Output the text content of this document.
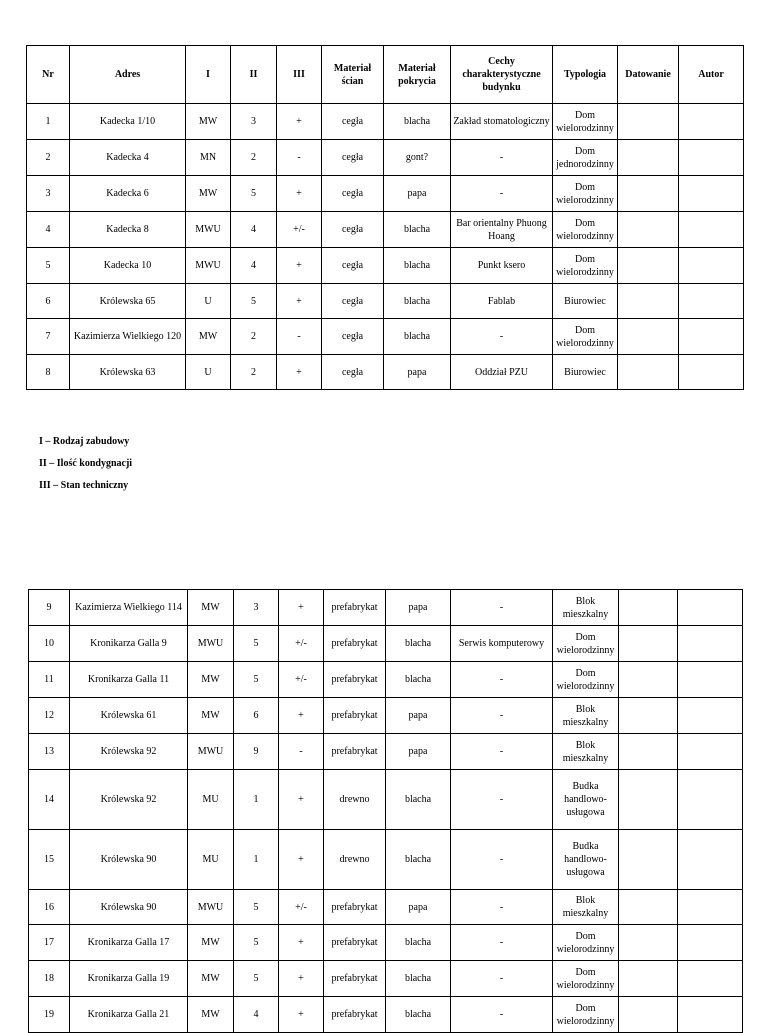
Nr	Adres	I	II	III	Materiał ścian	Materiał pokrycia	Cechy charakterystyczne budynku	Typologia	Datowanie	Autor
1	Kadecka 1/10	MW	3	+	cegła	blacha	Zakład stomatologiczny	Dom wielorodzinny		
2	Kadecka 4	MN	2	-	cegła	gont?	-	Dom jednorodzinny		
3	Kadecka 6	MW	5	+	cegła	papa	-	Dom wielorodzinny		
4	Kadecka 8	MWU	4	+/-	cegła	blacha	Bar orientalny Phuong Hoang	Dom wielorodzinny		
5	Kadecka 10	MWU	4	+	cegła	blacha	Punkt ksero	Dom wielorodzinny		
6	Królewska 65	U	5	+	cegła	blacha	Fablab	Biurowiec		
7	Kazimierza Wielkiego 120	MW	2	-	cegła	blacha	-	Dom wielorodzinny		
8	Królewska 63	U	2	+	cegła	papa	Oddział PZU	Biurowiec		
I – Rodzaj zabudowy
II – Ilość kondygnacji
III – Stan techniczny
9	Kazimierza Wielkiego 114	MW	3	+	prefabrykat	papa	-	Blok mieszkalny		
10	Kronikarza Galla 9	MWU	5	+/-	prefabrykat	blacha	Serwis komputerowy	Dom wielorodzinny		
11	Kronikarza Galla 11	MW	5	+/-	prefabrykat	blacha	-	Dom wielorodzinny		
12	Królewska 61	MW	6	+	prefabrykat	papa	-	Blok mieszkalny		
13	Królewska 92	MWU	9	-	prefabrykat	papa	-	Blok mieszkalny		
14	Królewska 92	MU	1	+	drewno	blacha	-	Budka handlowo-usługowa		
15	Królewska 90	MU	1	+	drewno	blacha	-	Budka handlowo-usługowa		
16	Królewska 90	MWU	5	+/-	prefabrykat	papa	-	Blok mieszkalny		
17	Kronikarza Galla 17	MW	5	+	prefabrykat	blacha	-	Dom wielorodzinny		
18	Kronikarza Galla 19	MW	5	+	prefabrykat	blacha	-	Dom wielorodzinny		
19	Kronikarza Galla 21	MW	4	+	prefabrykat	blacha	-	Dom wielorodzinny		
